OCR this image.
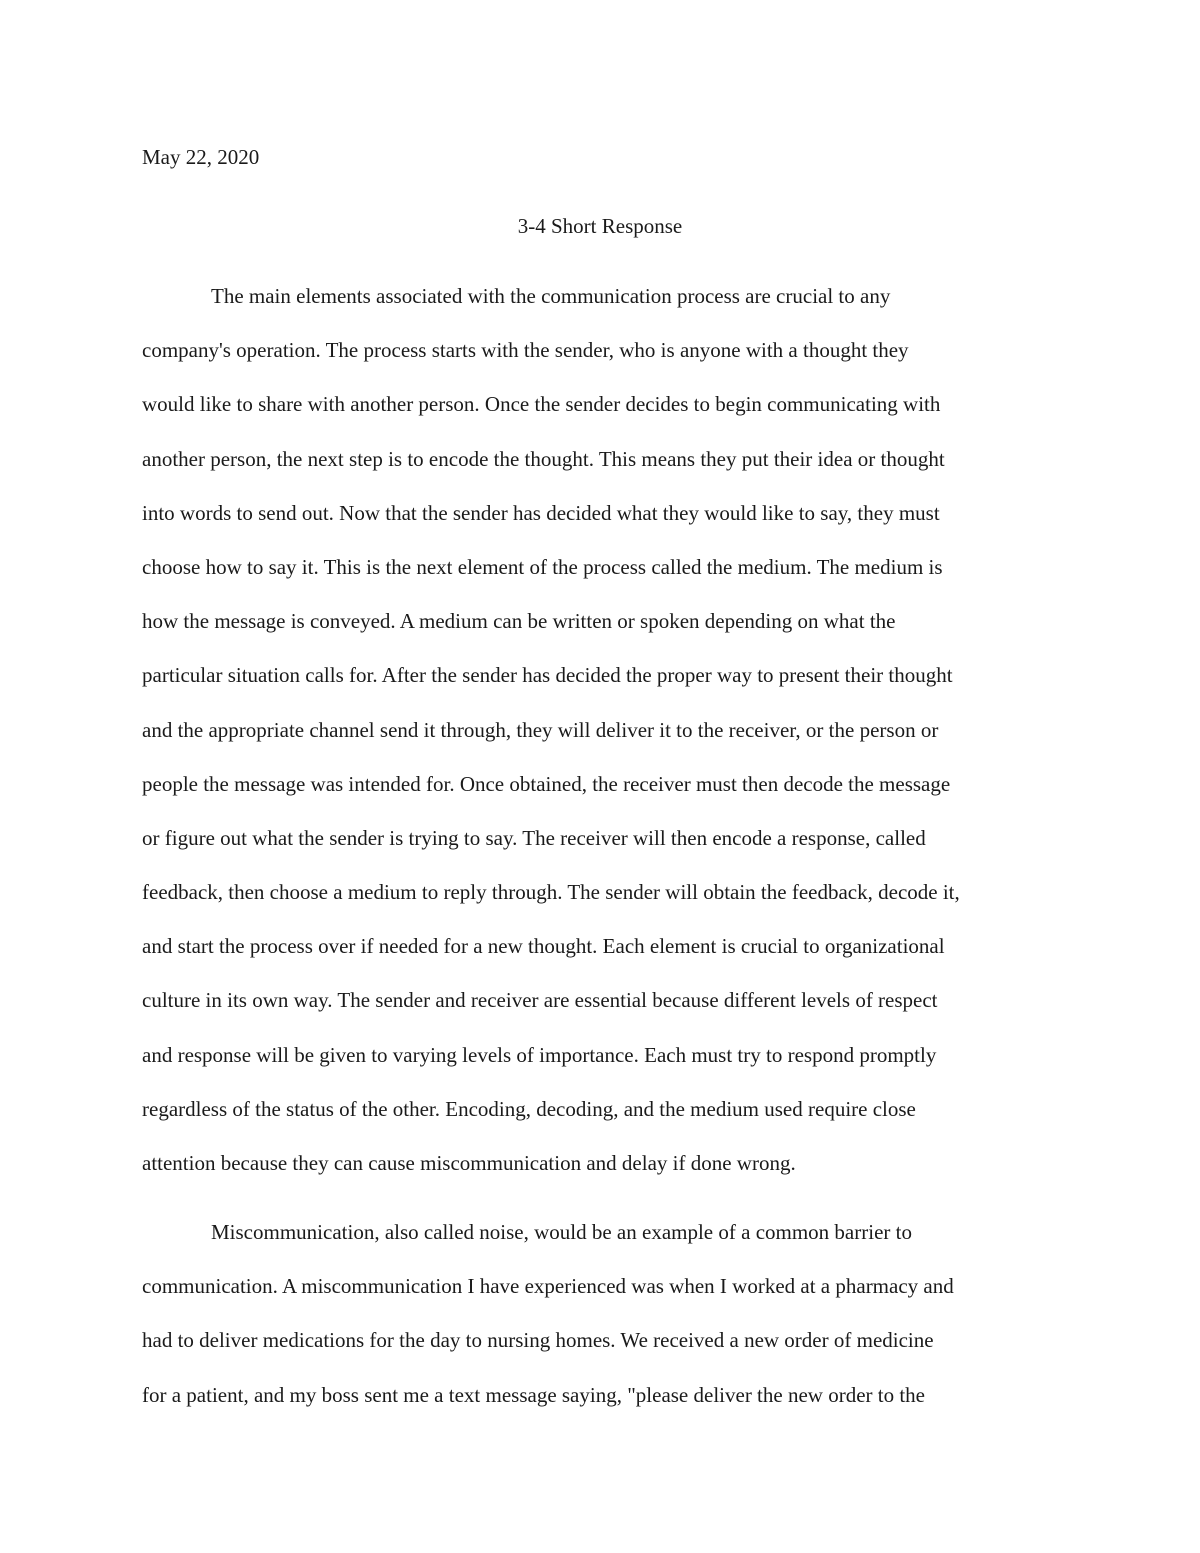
May 22, 2020

3-4 Short Response
The main elements associated with the communication process are crucial to any
company's operation. The process starts with the sender, who is anyone with a thought they
would like to share with another person. Once the sender decides to begin communicating with
another person, the next step is to encode the thought. This means they put their idea or thought
into words to send out. Now that the sender has decided what they would like to say, they must
choose how to say it. This is the next element of the process called the medium. The medium is
how the message is conveyed. A medium can be written or spoken depending on what the
particular situation calls for. After the sender has decided the proper way to present their thought
and the appropriate channel send it through, they will deliver it to the receiver, or the person or
people the message was intended for. Once obtained, the receiver must then decode the message
or figure out what the sender is trying to say. The receiver will then encode a response, called
feedback, then choose a medium to reply through. The sender will obtain the feedback, decode it,
and start the process over if needed for a new thought. Each element is crucial to organizational
culture in its own way. The sender and receiver are essential because different levels of respect
and response will be given to varying levels of importance. Each must try to respond promptly
regardless of the status of the other. Encoding, decoding, and the medium used require close
attention because they can cause miscommunication and delay if done wrong.
Miscommunication, also called noise, would be an example of a common barrier to
communication. A miscommunication I have experienced was when I worked at a pharmacy and
had to deliver medications for the day to nursing homes. We received a new order of medicine
for a patient, and my boss sent me a text message saying, "please deliver the new order to the
